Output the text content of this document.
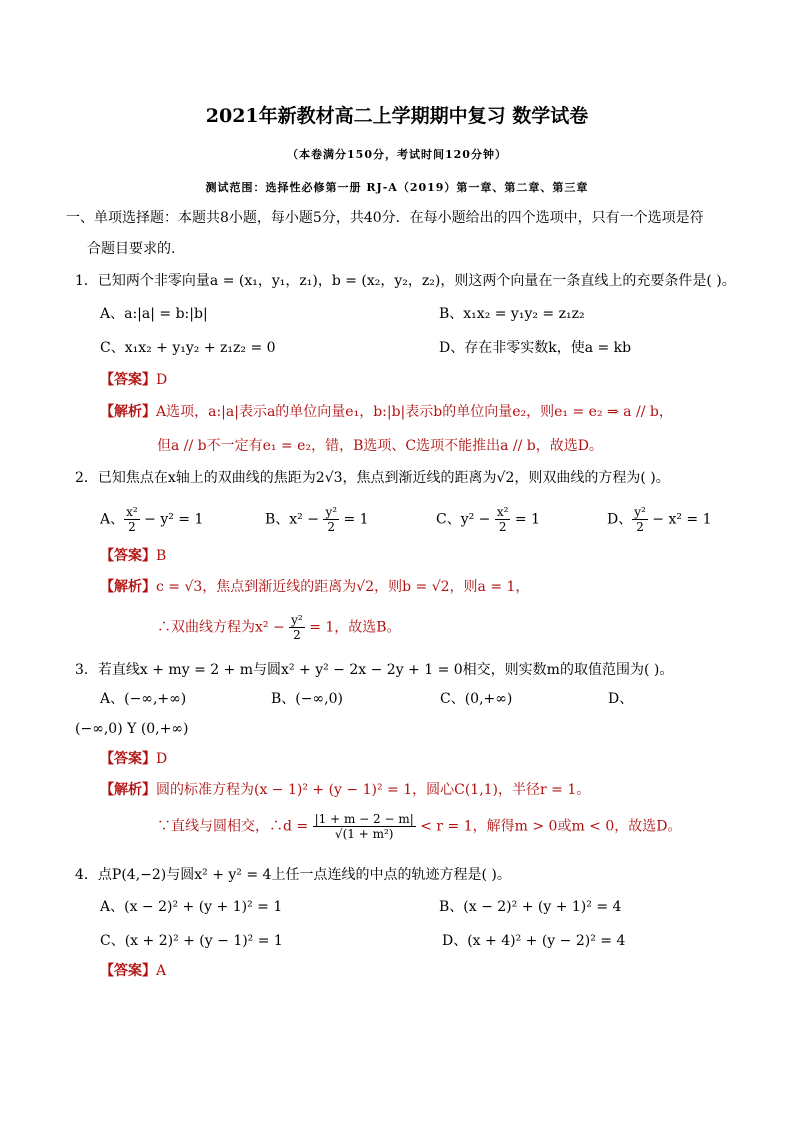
2021年新教材高二上学期期中复习 数学试卷
（本卷满分150分，考试时间120分钟）
测试范围：选择性必修第一册 RJ-A（2019）第一章、第二章、第三章
一、单项选择题：本题共8小题，每小题5分，共40分．在每小题给出的四个选项中，只有一个选项是符
合题目要求的.
1．已知两个非零向量a = (x₁，y₁，z₁)，b = (x₂，y₂，z₂)，则这两个向量在一条直线上的充要条件是( )。
A、a:|a| = b:|b|	B、x₁x₂ = y₁y₂ = z₁z₂
C、x₁x₂ + y₁y₂ + z₁z₂ = 0	D、存在非零实数k，使a = kb
【答案】D
【解析】A选项，a:|a|表示a的单位向量e₁，b:|b|表示b的单位向量e₂，则e₁ = e₂ ⇒ a // b，
但a // b不一定有e₁ = e₂，错，B选项、C选项不能推出a // b，故选D。
2．已知焦点在x轴上的双曲线的焦距为2√3，焦点到渐近线的距离为√2，则双曲线的方程为( )。
A、 $\frac{\text{x²}}{2} - y^2 = 1$	B、$x^2 - \frac{\text{y²}}{2} = 1$	C、$y^2 - \frac{\text{x²}}{2} = 1$	D、 $\frac{\text{y²}}{2} - x^2 = 1$
【答案】B
【解析】c = √3，焦点到渐近线的距离为√2，则b = √2，则a = 1，
∴双曲线方程为$x^2 - \frac{\text{y²}}{2} = 1$，故选B。
3．若直线x + my = 2 + m与圆x² + y² − 2x − 2y + 1 = 0相交，则实数m的取值范围为( )。
A、(−∞,+∞)	B、(−∞,0)	C、(0,+∞)	D、
(−∞,0) Y (0,+∞)
【答案】D
【解析】圆的标准方程为(x − 1)² + (y − 1)² = 1，圆心C(1,1)，半径r = 1。
∵直线与圆相交，∴d = $\frac{|1 + m - 2 - m|}{\text{√(1 + m²)}} < r = 1$，解得m > 0或m < 0，故选D。
4．点P(4,−2)与圆x² + y² = 4上任一点连线的中点的轨迹方程是( )。
A、(x − 2)² + (y + 1)² = 1	B、(x − 2)² + (y + 1)² = 4
C、(x + 2)² + (y − 1)² = 1	D、(x + 4)² + (y − 2)² = 4
【答案】A
